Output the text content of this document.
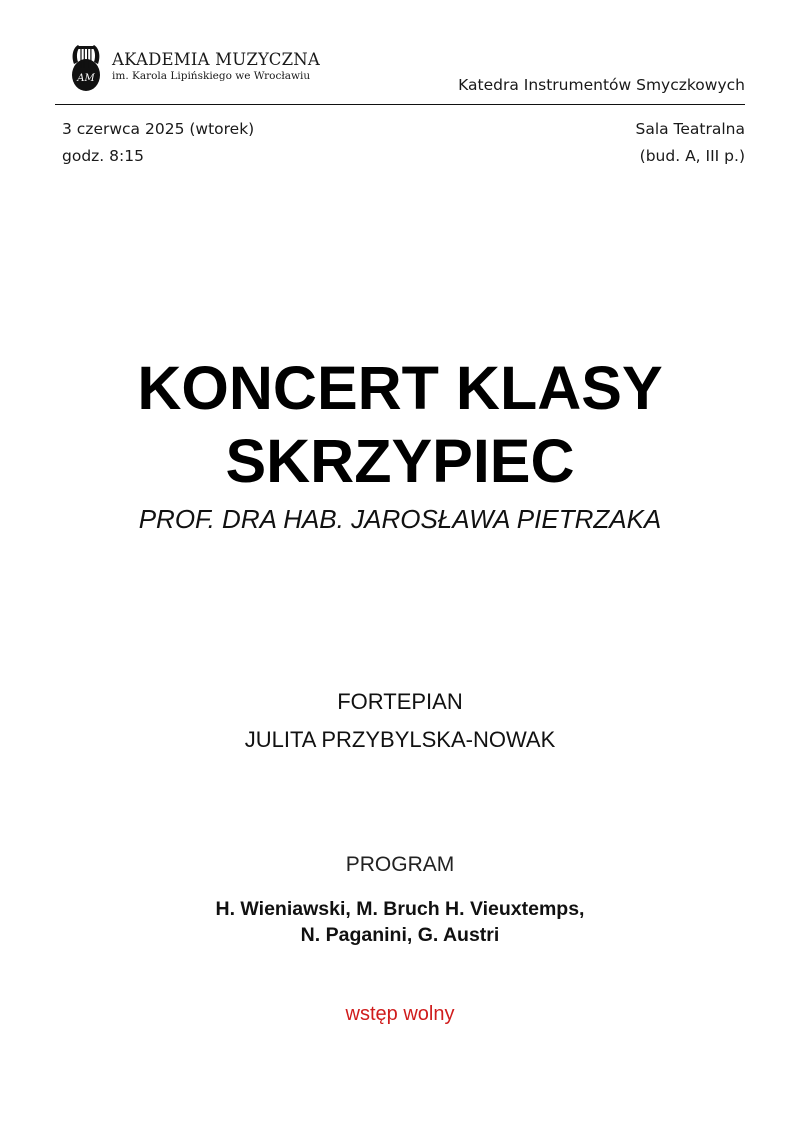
AM
AKADEMIA MUZYCZNA
im. Karola Lipińskiego we Wrocławiu	Katedra Instrumentów Smyczkowych
3 czerwca 2025 (wtorek)
godz. 8:15
Sala Teatralna
(bud. A, III p.)
KONCERT KLASY
SKRZYPIEC
PROF. DRA HAB. JAROSŁAWA PIETRZAKA
FORTEPIAN
JULITA PRZYBYLSKA-NOWAK
PROGRAM
H. Wieniawski, M. Bruch H. Vieuxtemps,
N. Paganini, G. Austri
wstęp wolny
